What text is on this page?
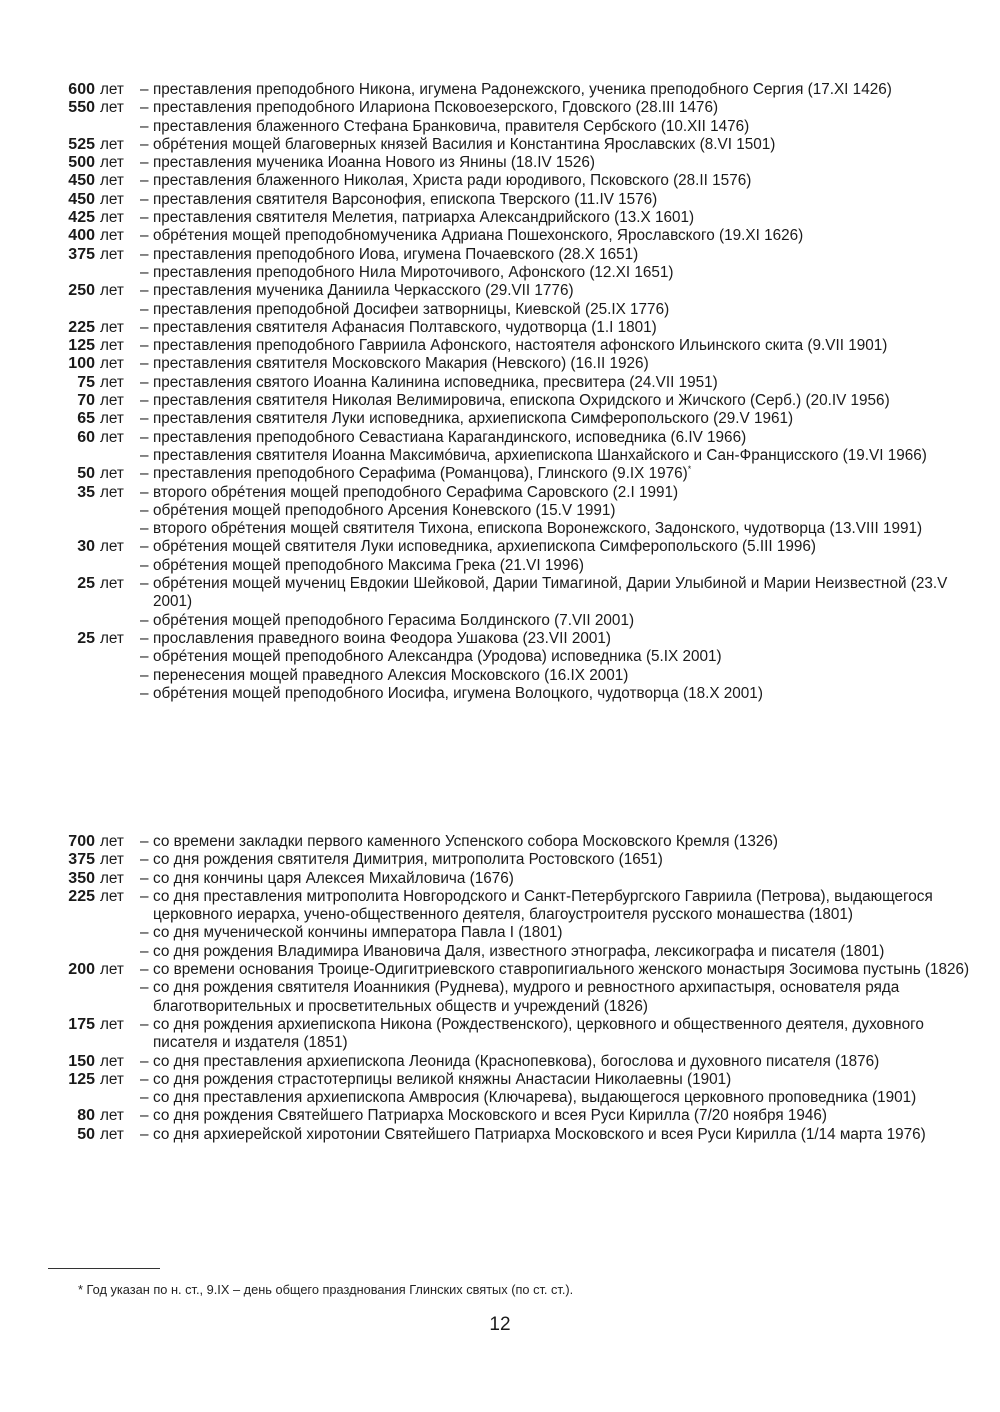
600 лет	– преставления преподобного Никона, игумена Радонежского, ученика преподобного Сергия (17.XI 1426)
550 лет	– преставления преподобного Илариона Псковоезерского, Гдовского (28.III 1476)
– преставления блаженного Стефана Бранковича, правителя Сербского (10.XII 1476)
525 лет	– обрéтения мощей благоверных князей Василия и Константина Ярославских (8.VI 1501)
500 лет	– преставления мученика Иоанна Нового из Янины (18.IV 1526)
450 лет	– преставления блаженного Николая, Христа ради юродивого, Псковского (28.II 1576)
450 лет	– преставления святителя Варсонофия, епископа Тверского (11.IV 1576)
425 лет	– преставления святителя Мелетия, патриарха Александрийского (13.X 1601)
400 лет	– обрéтения мощей преподобномученика Адриана Пошехонского, Ярославского (19.XI 1626)
375 лет	– преставления преподобного Иова, игумена Почаевского (28.X 1651)
– преставления преподобного Нила Мироточивого, Афонского (12.XI 1651)
250 лет	– преставления мученика Даниила Черкасского (29.VII 1776)
– преставления преподобной Досифеи затворницы, Киевской (25.IX 1776)
225 лет	– преставления святителя Афанасия Полтавского, чудотворца (1.I 1801)
125 лет	– преставления преподобного Гавриила Афонского, настоятеля афонского Ильинского скита (9.VII 1901)
100 лет	– преставления святителя Московского Макария (Невского) (16.II 1926)
75 лет	– преставления святого Иоанна Калинина исповедника, пресвитера (24.VII 1951)
70 лет	– преставления святителя Николая Велимировича, епископа Охридского и Жичского (Серб.) (20.IV 1956)
65 лет	– преставления святителя Луки исповедника, архиепископа Симферопольского (29.V 1961)
60 лет	– преставления преподобного Севастиана Карагандинского, исповедника (6.IV 1966)
– преставления святителя Иоанна Максимóвича, архиепископа Шанхайского и Сан-Францисского (19.VI 1966)
50 лет	– преставления преподобного Серафима (Романцова), Глинского (9.IX 1976)*
35 лет	– второго обрéтения мощей преподобного Серафима Саровского (2.I 1991)
– обрéтения мощей преподобного Арсения Коневского (15.V 1991)
– второго обрéтения мощей святителя Тихона, епископа Воронежского, Задонского, чудотворца (13.VIII 1991)
30 лет	– обрéтения мощей святителя Луки исповедника, архиепископа Симферопольского (5.III 1996)
– обрéтения мощей преподобного Максима Грека (21.VI 1996)
25 лет	– обрéтения мощей мучениц Евдокии Шейковой, Дарии Тимагиной, Дарии Улыбиной и Марии Неизвестной (23.V 2001)
– обрéтения мощей преподобного Герасима Болдинского (7.VII 2001)
25 лет	– прославления праведного воина Феодора Ушакова (23.VII 2001)
– обрéтения мощей преподобного Александра (Уродова) исповедника (5.IX 2001)
– перенесения мощей праведного Алексия Московского (16.IX 2001)
– обрéтения мощей преподобного Иосифа, игумена Волоцкого, чудотворца (18.X 2001)
700 лет	– со времени закладки первого каменного Успенского собора Московского Кремля (1326)
375 лет	– со дня рождения святителя Димитрия, митрополита Ростовского (1651)
350 лет	– со дня кончины царя Алексея Михайловича (1676)
225 лет	– со дня преставления митрополита Новгородского и Санкт-Петербургского Гавриила (Петрова), выдающегося церковного иерарха, учено-общественного деятеля, благоустроителя русского монашества (1801)
– со дня мученической кончины императора Павла I (1801)
– со дня рождения Владимира Ивановича Даля, известного этнографа, лексикографа и писателя (1801)
200 лет	– со времени основания Троице-Одигитриевского ставропигиального женского монастыря Зосимова пустынь (1826)
– со дня рождения святителя Иоанникия (Руднева), мудрого и ревностного архипастыря, основателя ряда благотворительных и просветительных обществ и учреждений (1826)
175 лет	– со дня рождения архиепископа Никона (Рождественского), церковного и общественного деятеля, духовного писателя и издателя (1851)
150 лет	– со дня преставления архиепископа Леонида (Краснопевкова), богослова и духовного писателя (1876)
125 лет	– со дня рождения страстотерпицы великой княжны Анастасии Николаевны (1901)
– со дня преставления архиепископа Амвросия (Ключарева), выдающегося церковного проповедника (1901)
80 лет	– со дня рождения Святейшего Патриарха Московского и всея Руси Кирилла (7/20 ноября 1946)
50 лет	– со дня архиерейской хиротонии Святейшего Патриарха Московского и всея Руси Кирилла (1/14 марта 1976)
* Год указан по н. ст., 9.IX – день общего празднования Глинских святых (по ст. ст.).
12
